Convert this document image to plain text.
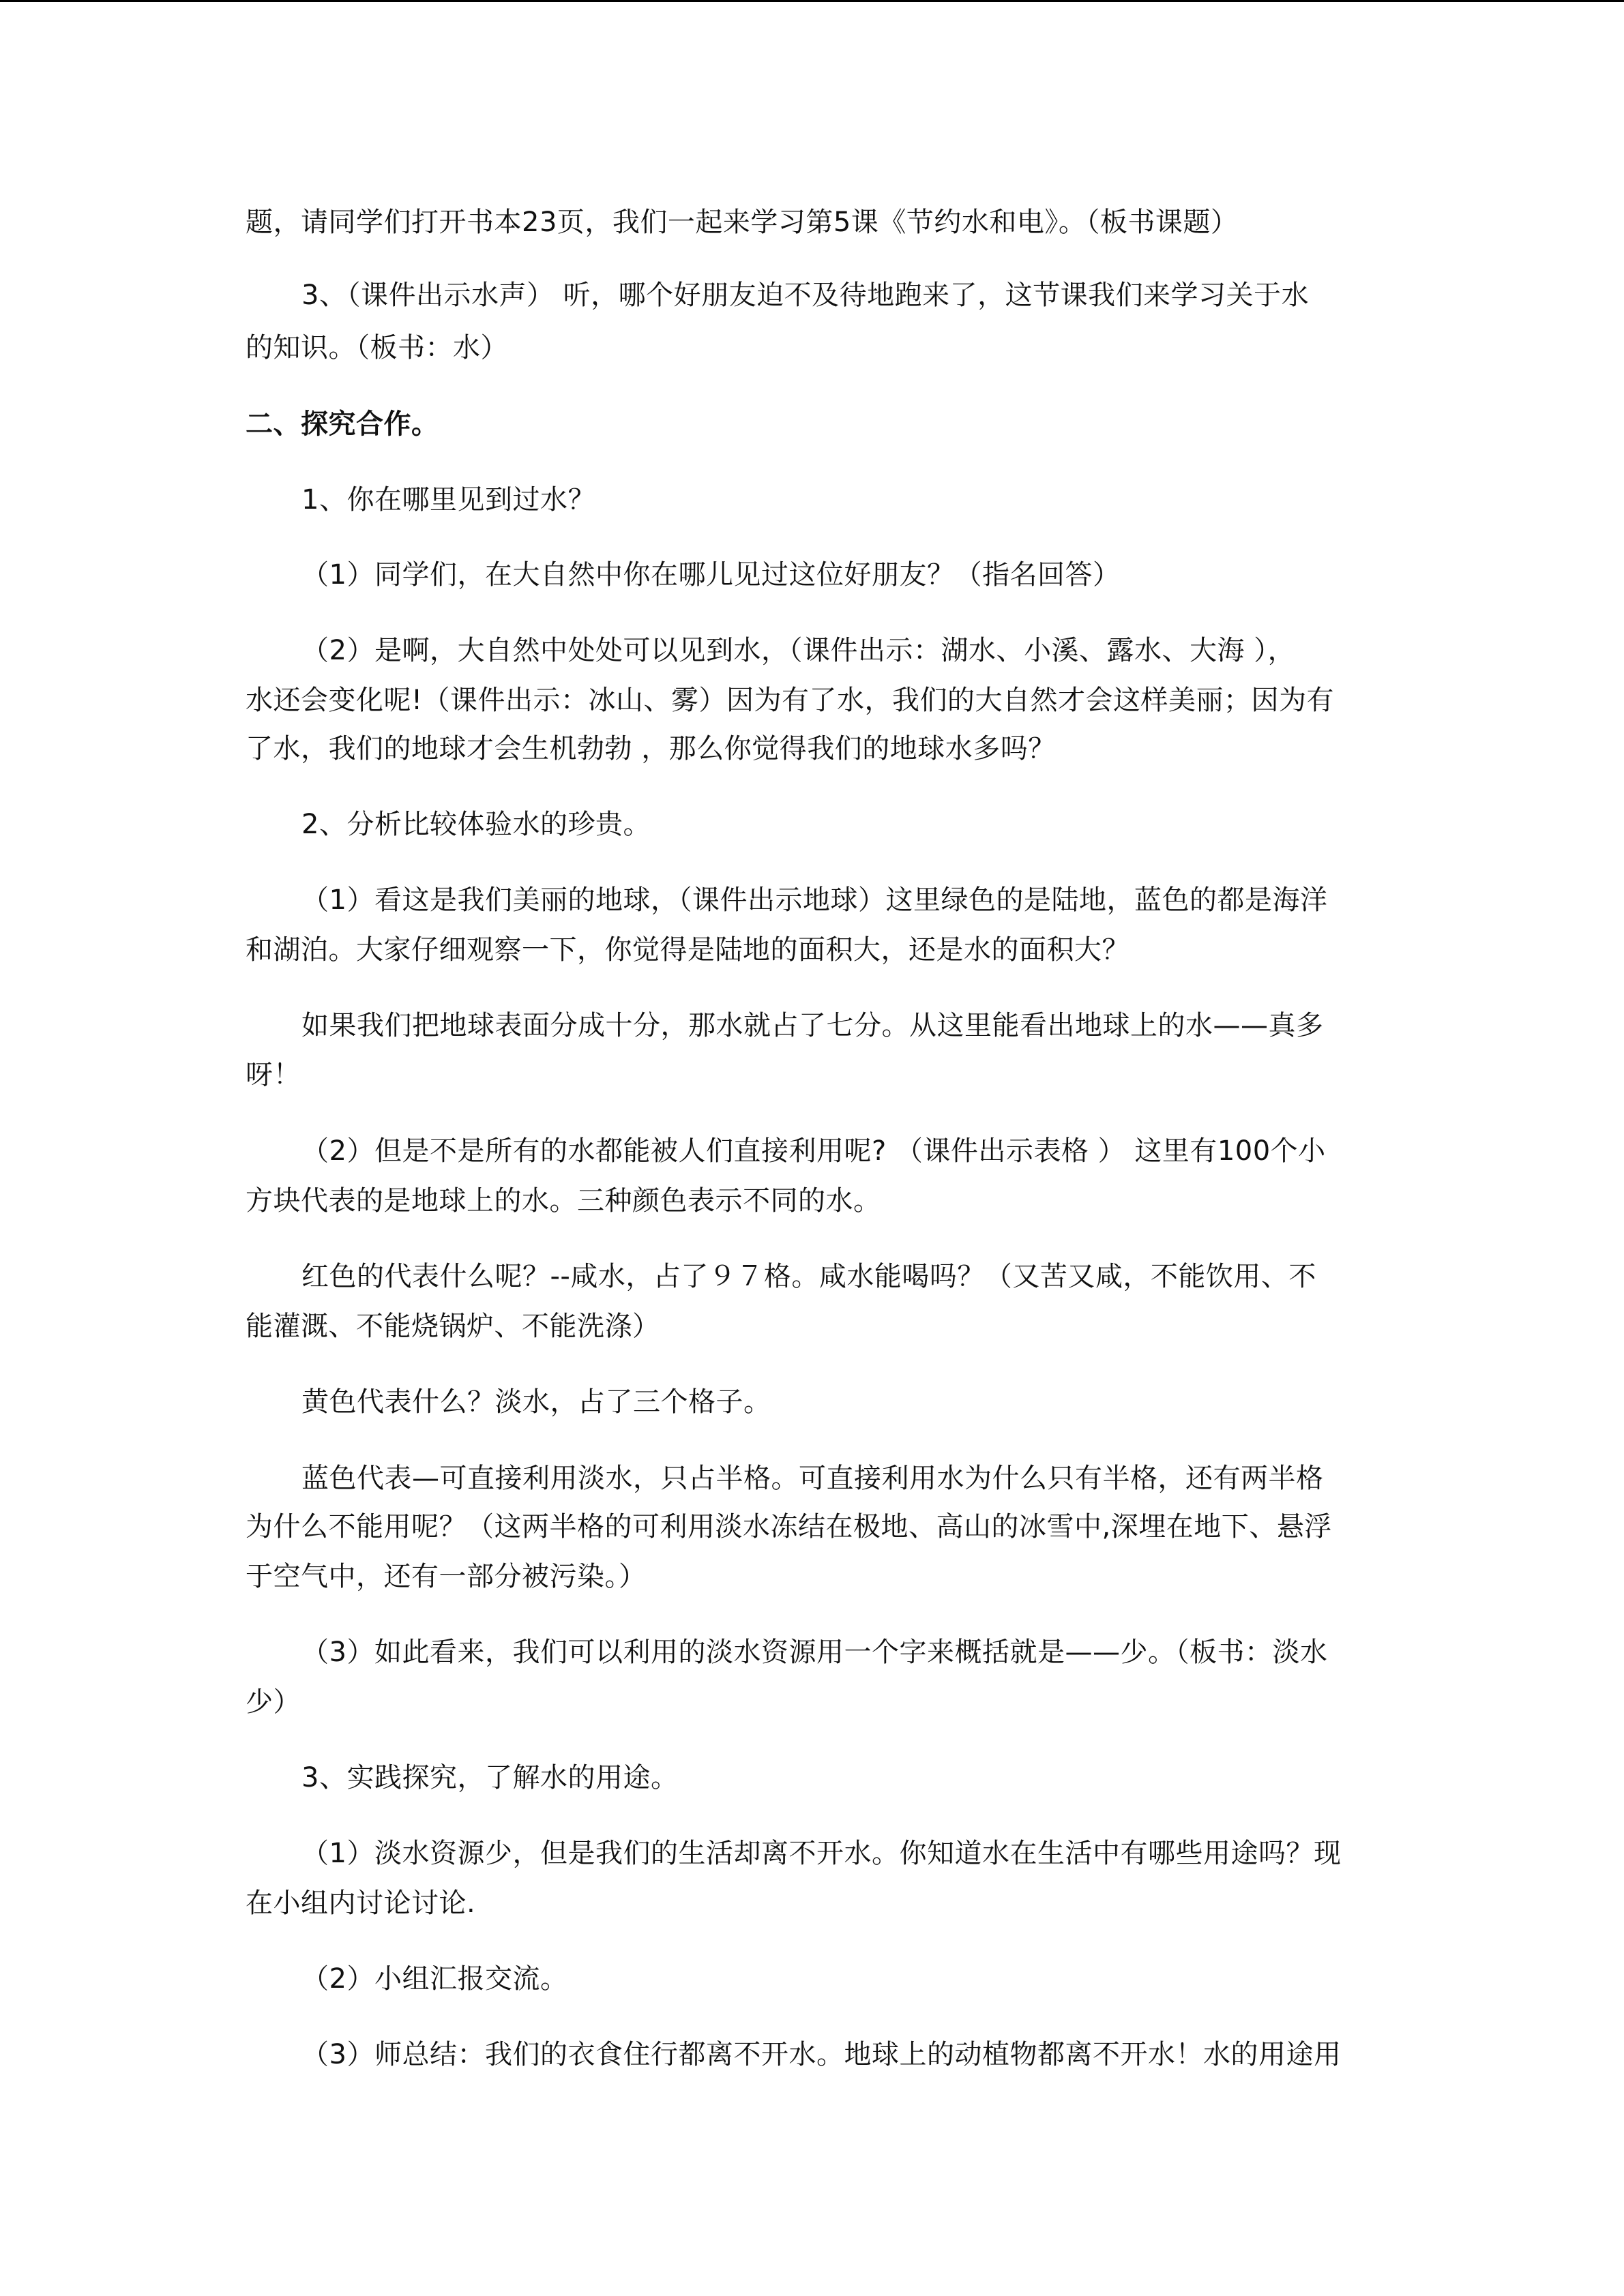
题，请同学们打开书本23页，我们一起来学习第5课《节约水和电》。（板书课题）
3、（课件出示水声） 听，哪个好朋友迫不及待地跑来了，这节课我们来学习关于水
的知识。（板书：水）
二、探究合作。
1、你在哪里见到过水？
（1）同学们，在大自然中你在哪儿见过这位好朋友？（指名回答）
（2）是啊，大自然中处处可以见到水，（课件出示：湖水、小溪、露水、大海 ），
水还会变化呢!（课件出示：冰山、雾）因为有了水，我们的大自然才会这样美丽；因为有
了水，我们的地球才会生机勃勃 ，那么你觉得我们的地球水多吗？
2、分析比较体验水的珍贵。
（1）看这是我们美丽的地球，（课件出示地球）这里绿色的是陆地，蓝色的都是海洋
和湖泊。大家仔细观察一下，你觉得是陆地的面积大，还是水的面积大？
如果我们把地球表面分成十分，那水就占了七分。从这里能看出地球上的水——真多
呀！
（2）但是不是所有的水都能被人们直接利用呢? （课件出示表格 ） 这里有100个小
方块代表的是地球上的水。三种颜色表示不同的水。
红色的代表什么呢？--咸水，占了９７格。咸水能喝吗？（又苦又咸，不能饮用、不
能灌溉、不能烧锅炉、不能洗涤）
黄色代表什么？淡水，占了三个格子。
蓝色代表—可直接利用淡水，只占半格。可直接利用水为什么只有半格，还有两半格
为什么不能用呢？（这两半格的可利用淡水冻结在极地、高山的冰雪中,深埋在地下、悬浮
于空气中，还有一部分被污染。）
（3）如此看来，我们可以利用的淡水资源用一个字来概括就是——少。（板书：淡水
少）
3、实践探究，了解水的用途。
（1）淡水资源少，但是我们的生活却离不开水。你知道水在生活中有哪些用途吗？现
在小组内讨论讨论.
（2）小组汇报交流。
（3）师总结：我们的衣食住行都离不开水。地球上的动植物都离不开水！水的用途用
